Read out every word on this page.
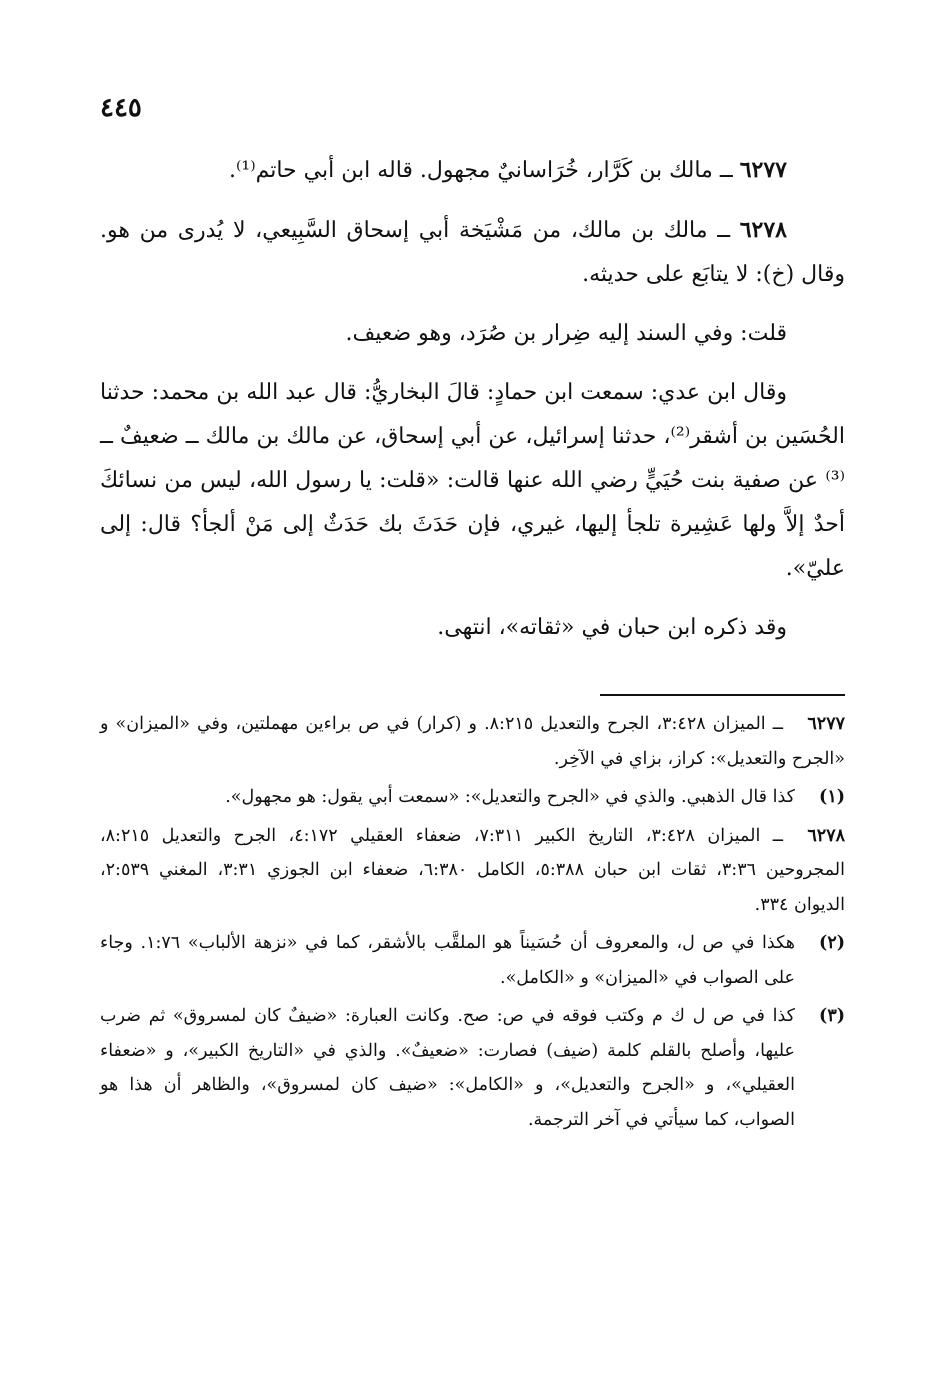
٤٤٥

٦٢٧٧ ــ مالك بن كَرَّار، خُرَاسانيٌ مجهول. قاله ابن أبي حاتم⁽¹⁾.

٦٢٧٨ ــ مالك بن مالك، من مَشْيَخة أبي إسحاق السَّبِيعي، لا يُدرى من هو. وقال (خ): لا يتابَع على حديثه.

قلت: وفي السند إليه ضِرار بن صُرَد، وهو ضعيف.

وقال ابن عدي: سمعت ابن حمادٍ: قالَ البخاريُّ: قال عبد الله بن محمد: حدثنا الحُسَين بن أشقر⁽²⁾، حدثنا إسرائيل، عن أبي إسحاق، عن مالك بن مالك ــ ضعيفٌ ــ ⁽³⁾ عن صفية بنت حُيَيٍّ رضي الله عنها قالت: «قلت: يا رسول الله، ليس من نسائكَ أحدٌ إلاَّ ولها عَشِيرة تلجأ إليها، غيري، فإن حَدَثَ بك حَدَثٌ إلى مَنْ ألجأ؟ قال: إلى عليّ».

وقد ذكره ابن حبان في «ثقاته»، انتهى.

٦٢٧٧
ــ الميزان ٣:٤٢٨، الجرح والتعديل ٨:٢١٥. و (كرار) في ص براءين مهملتين، وفي «الميزان» و «الجرح والتعديل»: كراز، بزاي في الآخِر.
(١)
كذا قال الذهبي. والذي في «الجرح والتعديل»: «سمعت أبي يقول: هو مجهول».
٦٢٧٨
ــ الميزان ٣:٤٢٨، التاريخ الكبير ٧:٣١١، ضعفاء العقيلي ٤:١٧٢، الجرح والتعديل ٨:٢١٥، المجروحين ٣:٣٦، ثقات ابن حبان ٥:٣٨٨، الكامل ٦:٣٨٠، ضعفاء ابن الجوزي ٣:٣١، المغني ٢:٥٣٩، الديوان ٣٣٤.
(٢)
هكذا في ص ل، والمعروف أن حُسَيناً هو الملقَّب بالأشقر، كما في «نزهة الألباب» ١:٧٦. وجاء على الصواب في «الميزان» و «الكامل».
(٣)
كذا في ص ل ك م وكتب فوقه في ص: صح. وكانت العبارة: «ضيفٌ كان لمسروق» ثم ضرب عليها، وأصلح بالقلم كلمة (ضيف) فصارت: «ضعيفٌ». والذي في «التاريخ الكبير»، و «ضعفاء العقيلي»، و «الجرح والتعديل»، و «الكامل»: «ضيف كان لمسروق»، والظاهر أن هذا هو الصواب، كما سيأتي في آخر الترجمة.
